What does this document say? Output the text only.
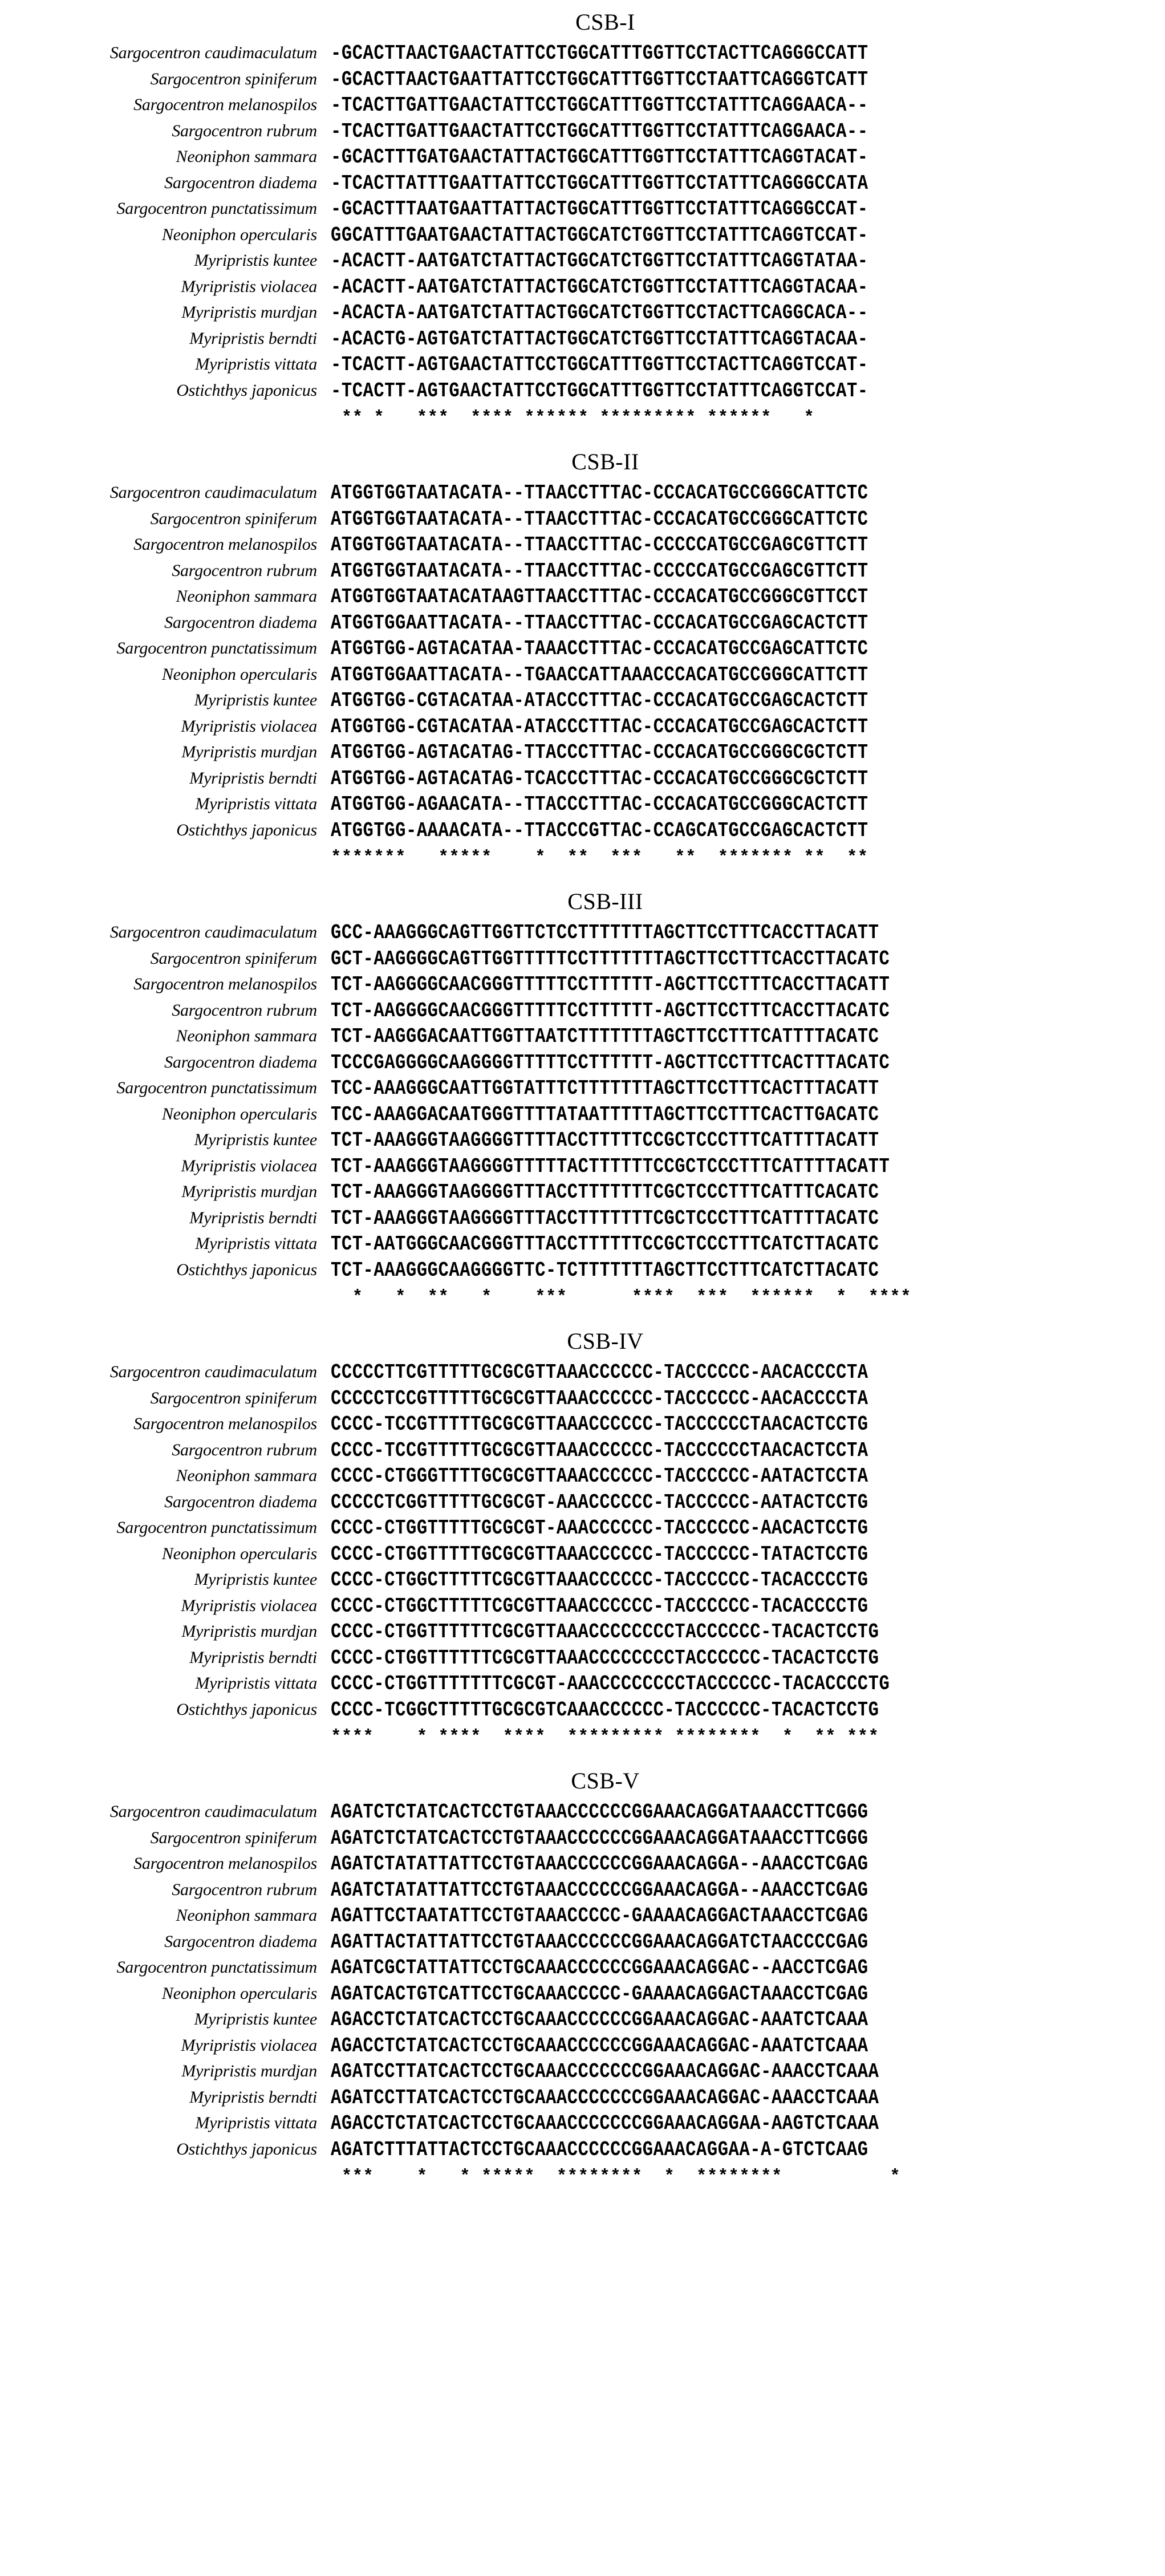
CSB-I
Sargocentron caudimaculatum -GCACTTAACTGAACTATTCCTGGCATTTGGTTCCTACTTCAGGGCCATT
Sargocentron spiniferum -GCACTTAACTGAATTATTCCTGGCATTTGGTTCCTAATTCAGGGTCATT
Sargocentron melanospilos -TCACTTGATTGAACTATTCCTGGCATTTGGTTCCTATTTCAGGAACA--
Sargocentron rubrum -TCACTTGATTGAACTATTCCTGGCATTTGGTTCCTATTTCAGGAACA--
Neoniphon sammara -GCACTTTGATGAACTATTACTGGCATTTGGTTCCTATTTCAGGTACAT-
Sargocentron diadema -TCACTTATTTGAATTATTCCTGGCATTTGGTTCCTATTTCAGGGCCATA
Sargocentron punctatissimum -GCACTTTAATGAATTATTACTGGCATTTGGTTCCTATTTCAGGGCCAT-
Neoniphon opercularis GGCATTTGAATGAACTATTACTGGCATCTGGTTCCTATTTCAGGTCCAT-
Myripristis kuntee -ACACTT-AATGATCTATTACTGGCATCTGGTTCCTATTTCAGGTATAA-
Myripristis violacea -ACACTT-AATGATCTATTACTGGCATCTGGTTCCTATTTCAGGTACAA-
Myripristis murdjan -ACACTA-AATGATCTATTACTGGCATCTGGTTCCTACTTCAGGCACA--
Myripristis berndti -ACACTG-AGTGATCTATTACTGGCATCTGGTTCCTATTTCAGGTACAA-
Myripristis vittata -TCACTT-AGTGAACTATTCCTGGCATTTGGTTCCTACTTCAGGTCCAT-
Ostichthys japonicus -TCACTT-AGTGAACTATTCCTGGCATTTGGTTCCTATTTCAGGTCCAT-
** *   ***  **** ****** ********* ******   *
CSB-II
Sargocentron caudimaculatum ATGGTGGTAATACATA--TTAACCTTTAC-CCCACATGCCGGGCATTCTC
Sargocentron spiniferum ATGGTGGTAATACATA--TTAACCTTTAC-CCCACATGCCGGGCATTCTC
Sargocentron melanospilos ATGGTGGTAATACATA--TTAACCTTTAC-CCCCCATGCCGAGCGTTCTT
Sargocentron rubrum ATGGTGGTAATACATA--TTAACCTTTAC-CCCCCATGCCGAGCGTTCTT
Neoniphon sammara ATGGTGGTAATACATAAGTTAACCTTTAC-CCCACATGCCGGGCGTTCCT
Sargocentron diadema ATGGTGGAATTACATA--TTAACCTTTAC-CCCACATGCCGAGCACTCTT
Sargocentron punctatissimum ATGGTGG-AGTACATAA-TAAACCTTTAC-CCCACATGCCGAGCATTCTC
Neoniphon opercularis ATGGTGGAATTACATA--TGAACCATTAAACCCACATGCCGGGCATTCTT
Myripristis kuntee ATGGTGG-CGTACATAA-ATACCCTTTAC-CCCACATGCCGAGCACTCTT
Myripristis violacea ATGGTGG-CGTACATAA-ATACCCTTTAC-CCCACATGCCGAGCACTCTT
Myripristis murdjan ATGGTGG-AGTACATAG-TTACCCTTTAC-CCCACATGCCGGGCGCTCTT
Myripristis berndti ATGGTGG-AGTACATAG-TCACCCTTTAC-CCCACATGCCGGGCGCTCTT
Myripristis vittata ATGGTGG-AGAACATA--TTACCCTTTAC-CCCACATGCCGGGCACTCTT
Ostichthys japonicus ATGGTGG-AAAACATA--TTACCCGTTAC-CCAGCATGCCGAGCACTCTT
*******   *****    *  **  ***   **  ******* **  **
CSB-III
Sargocentron caudimaculatum GCC-AAAGGGCAGTTGGTTCTCCTTTTTTTAGCTTCCTTTCACCTTACATT
Sargocentron spiniferum GCT-AAGGGGCAGTTGGTTTTTCCTTTTTTTAGCTTCCTTTCACCTTACATC
Sargocentron melanospilos TCT-AAGGGGCAACGGGTTTTTCCTTTTTT-AGCTTCCTTTCACCTTACATT
Sargocentron rubrum TCT-AAGGGGCAACGGGTTTTTCCTTTTTT-AGCTTCCTTTCACCTTACATC
Neoniphon sammara TCT-AAGGGACAATTGGTTAATCTTTTTTTAGCTTCCTTTCATTTTACATC
Sargocentron diadema TCCCGAGGGGCAAGGGGTTTTTCCTTTTTT-AGCTTCCTTTCACTTTACATC
Sargocentron punctatissimum TCC-AAAGGGCAATTGGTATTTCTTTTTTTAGCTTCCTTTCACTTTACATT
Neoniphon opercularis TCC-AAAGGACAATGGGTTTTATAATTTTTAGCTTCCTTTCACTTGACATC
Myripristis kuntee TCT-AAAGGGTAAGGGGTTTTACCTTTTTCCGCTCCCTTTCATTTTACATT
Myripristis violacea TCT-AAAGGGTAAGGGGTTTTTACTTTTTTCCGCTCCCTTTCATTTTACATT
Myripristis murdjan TCT-AAAGGGTAAGGGGTTTACCTTTTTTTCGCTCCCTTTCATTTCACATC
Myripristis berndti TCT-AAAGGGTAAGGGGTTTACCTTTTTTTCGCTCCCTTTCATTTTACATC
Myripristis vittata TCT-AATGGGCAACGGGTTTACCTTTTTTCCGCTCCCTTTCATCTTACATC
Ostichthys japonicus TCT-AAAGGGCAAGGGGTTC-TCTTTTTTTAGCTTCCTTTCATCTTACATC
*   *  **   *    ***      ****  ***  ******  *  ****
CSB-IV
Sargocentron caudimaculatum CCCCCTTCGTTTTTGCGCGTTAAACCCCCC-TACCCCCC-AACACCCCTA
Sargocentron spiniferum CCCCCTCCGTTTTTGCGCGTTAAACCCCCC-TACCCCCC-AACACCCCTA
Sargocentron melanospilos CCCC-TCCGTTTTTGCGCGTTAAACCCCCC-TACCCCCCTAACACTCCTG
Sargocentron rubrum CCCC-TCCGTTTTTGCGCGTTAAACCCCCC-TACCCCCCTAACACTCCTA
Neoniphon sammara CCCC-CTGGGTTTTGCGCGTTAAACCCCCC-TACCCCCC-AATACTCCTA
Sargocentron diadema CCCCCTCGGTTTTTGCGCGT-AAACCCCCC-TACCCCCC-AATACTCCTG
Sargocentron punctatissimum CCCC-CTGGTTTTTGCGCGT-AAACCCCCC-TACCCCCC-AACACTCCTG
Neoniphon opercularis CCCC-CTGGTTTTTGCGCGTTAAACCCCCC-TACCCCCC-TATACTCCTG
Myripristis kuntee CCCC-CTGGCTTTTTCGCGTTAAACCCCCC-TACCCCCC-TACACCCCTG
Myripristis violacea CCCC-CTGGCTTTTTCGCGTTAAACCCCCC-TACCCCCC-TACACCCCTG
Myripristis murdjan CCCC-CTGGTTTTTTCGCGTTAAACCCCCCCCTACCCCCC-TACACTCCTG
Myripristis berndti CCCC-CTGGTTTTTTCGCGTTAAACCCCCCCCTACCCCCC-TACACTCCTG
Myripristis vittata CCCC-CTGGTTTTTTTCGCGT-AAACCCCCCCCTACCCCCC-TACACCCCTG
Ostichthys japonicus CCCC-TCGGCTTTTTGCGCGTCAAACCCCCC-TACCCCCC-TACACTCCTG
****    * ****  ****  ********* ********  *  ** ***
CSB-V
Sargocentron caudimaculatum AGATCTCTATCACTCCTGTAAACCCCCCGGAAACAGGATAAACCTTCGGG
Sargocentron spiniferum AGATCTCTATCACTCCTGTAAACCCCCCGGAAACAGGATAAACCTTCGGG
Sargocentron melanospilos AGATCTATATTATTCCTGTAAACCCCCCGGAAACAGGA--AAACCTCGAG
Sargocentron rubrum AGATCTATATTATTCCTGTAAACCCCCCGGAAACAGGA--AAACCTCGAG
Neoniphon sammara AGATTCCTAATATTCCTGTAAACCCCC-GAAAACAGGACTAAACCTCGAG
Sargocentron diadema AGATTACTATTATTCCTGTAAACCCCCCGGAAACAGGATCTAACCCCGAG
Sargocentron punctatissimum AGATCGCTATTATTCCTGCAAACCCCCCGGAAACAGGAC--AACCTCGAG
Neoniphon opercularis AGATCACTGTCATTCCTGCAAACCCCC-GAAAACAGGACTAAACCTCGAG
Myripristis kuntee AGACCTCTATCACTCCTGCAAACCCCCCGGAAACAGGAC-AAATCTCAAA
Myripristis violacea AGACCTCTATCACTCCTGCAAACCCCCCGGAAACAGGAC-AAATCTCAAA
Myripristis murdjan AGATCCTTATCACTCCTGCAAACCCCCCCGGAAACAGGAC-AAACCTCAAA
Myripristis berndti AGATCCTTATCACTCCTGCAAACCCCCCCGGAAACAGGAC-AAACCTCAAA
Myripristis vittata AGACCTCTATCACTCCTGCAAACCCCCCCGGAAACAGGAA-AAGTCTCAAA
Ostichthys japonicus AGATCTTTATTACTCCTGCAAACCCCCCGGAAACAGGAA-A-GTCTCAAG
***    *   * *****  ********  *  ********          *
